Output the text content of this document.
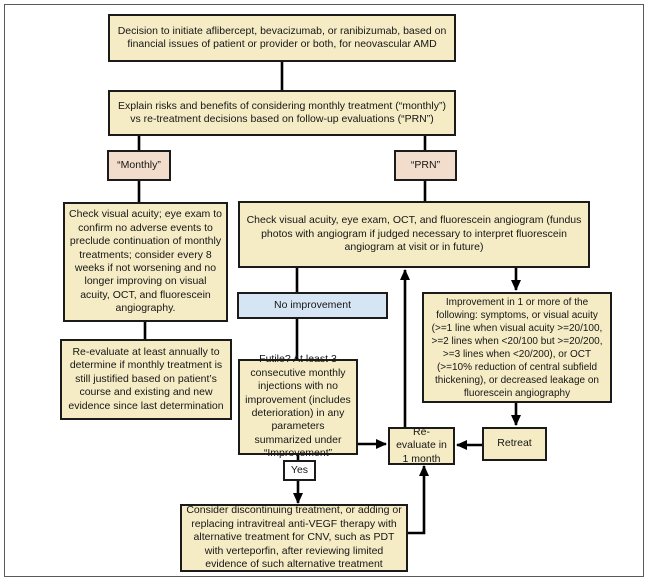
Decision to initiate aflibercept, bevacizumab, or ranibizumab, based on financial issues of patient or provider or both, for neovascular AMD
Explain risks and benefits of considering monthly treatment (“monthly”) vs re-treatment decisions based on follow-up evaluations (“PRN”)
“Monthly”	“PRN”
Check visual acuity; eye exam to confirm no adverse events to preclude continuation of monthly treatments; consider every 8 weeks if not worsening and no longer improving on visual acuity, OCT, and fluorescein angiography.
Re-evaluate at least annually to determine if monthly treatment is still justified based on patient’s course and existing and new evidence since last determination
Check visual acuity, eye exam, OCT, and fluorescein angiogram (fundus photos with angiogram if judged necessary to interpret fluorescein angiogram at visit or in future)
No improvement	Improvement in 1 or more of the following: symptoms, or visual acuity (>=1 line when visual acuity >=20/100, >=2 lines when <20/100 but >=20/200, >=3 lines when <20/200), or OCT (>=10% reduction of central subfield thickening), or decreased leakage on fluorescein angiography
Futile? At least 3 consecutive monthly injections with no improvement (includes deterioration) in any parameters summarized under “Improvement”
Yes
Re-evaluate in 1 month
Retreat
Consider discontinuing treatment, or adding or replacing intravitreal anti-VEGF therapy with alternative treatment for CNV, such as PDT with verteporfin, after reviewing limited evidence of such alternative treatment
